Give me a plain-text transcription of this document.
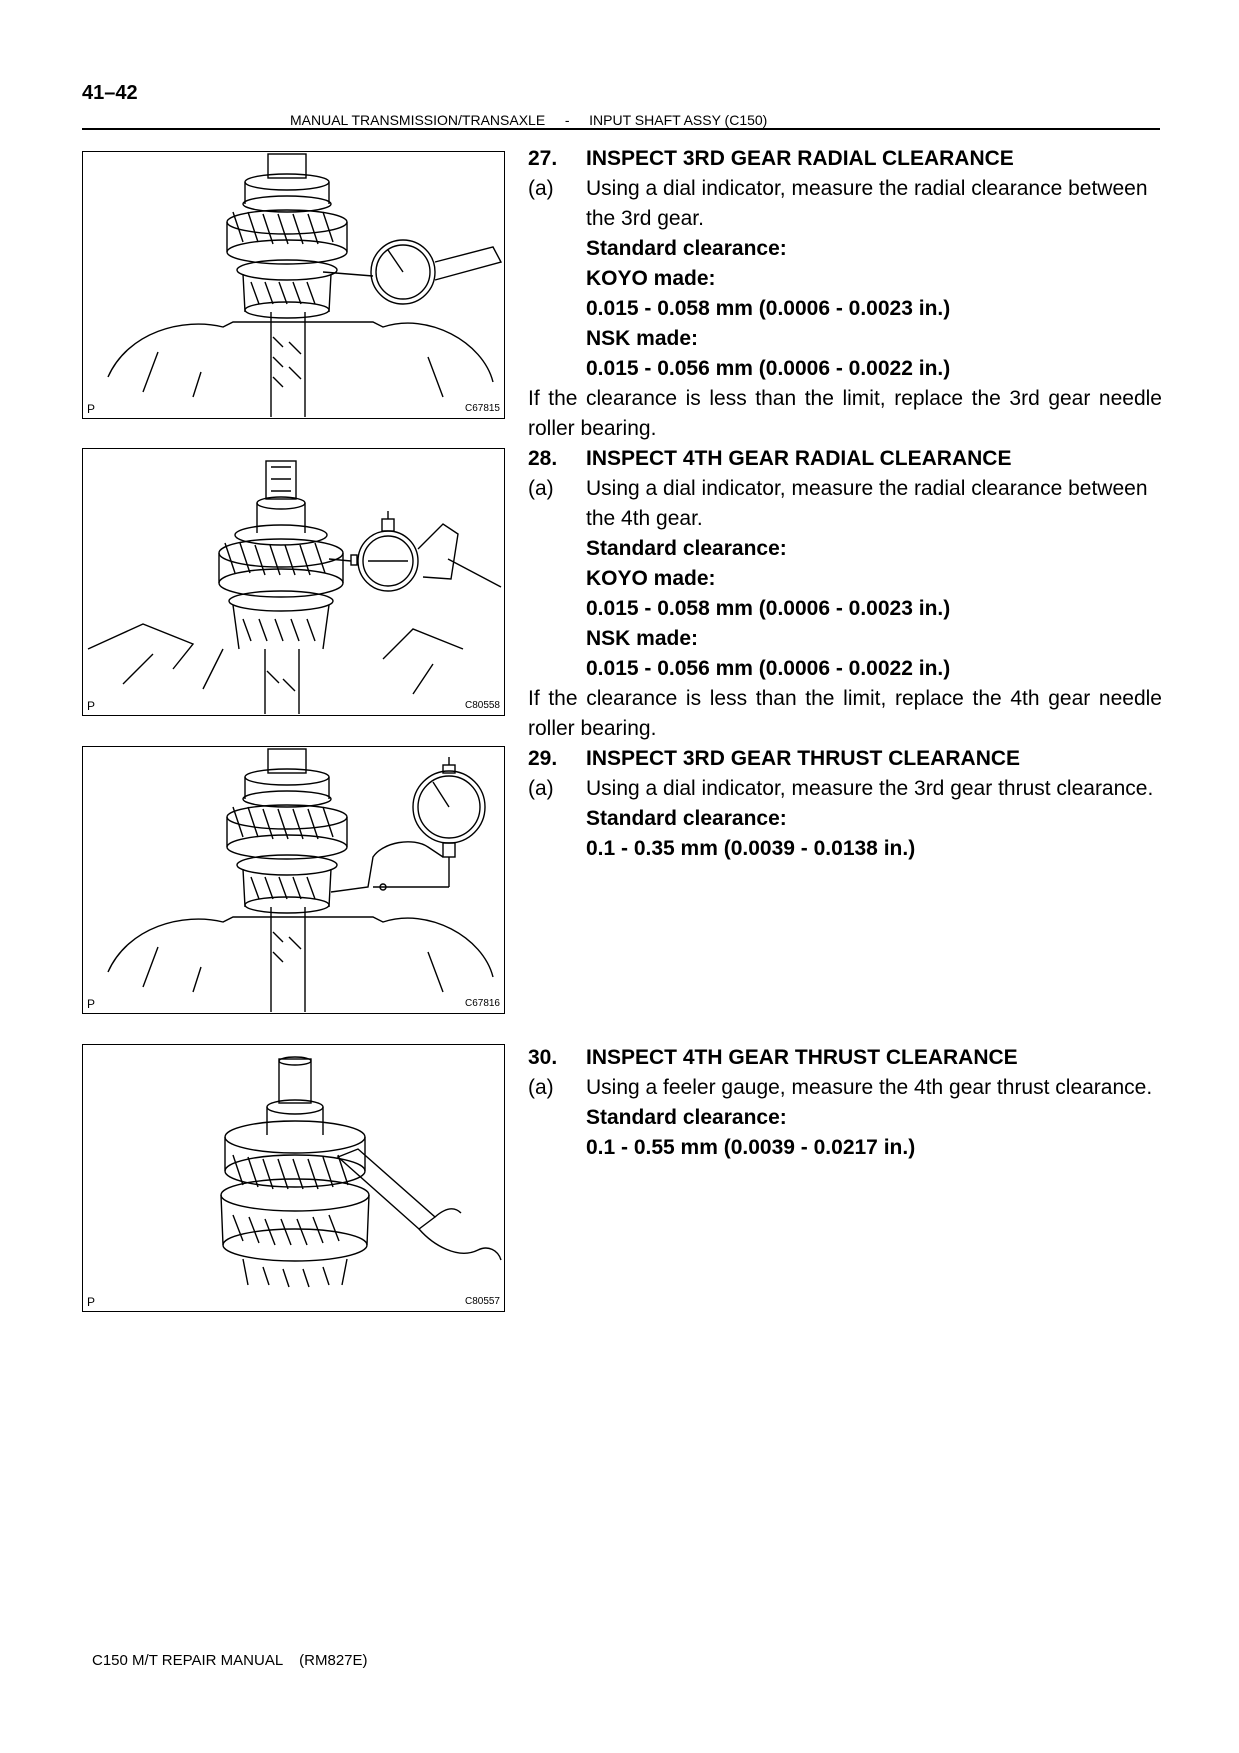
41–42
MANUAL TRANSMISSION/TRANSAXLE - INPUT SHAFT ASSY (C150)
P	C67815
P	C80558
P	C67816
P	C80557
27.	INSPECT 3RD GEAR RADIAL CLEARANCE
(a)	Using a dial indicator, measure the radial clearance between the 3rd gear.
Standard clearance:
KOYO made:
0.015 - 0.058 mm (0.0006 - 0.0023 in.)
NSK made:
0.015 - 0.056 mm (0.0006 - 0.0022 in.)
If the clearance is less than the limit, replace the 3rd gear needle roller bearing.
28.	INSPECT 4TH GEAR RADIAL CLEARANCE
(a)	Using a dial indicator, measure the radial clearance between the 4th gear.
Standard clearance:
KOYO made:
0.015 - 0.058 mm (0.0006 - 0.0023 in.)
NSK made:
0.015 - 0.056 mm (0.0006 - 0.0022 in.)
If the clearance is less than the limit, replace the 4th gear needle roller bearing.
29.	INSPECT 3RD GEAR THRUST CLEARANCE
(a)	Using a dial indicator, measure the 3rd gear thrust clearance.
Standard clearance:
0.1 - 0.35 mm (0.0039 - 0.0138 in.)
30.	INSPECT 4TH GEAR THRUST CLEARANCE
(a)	Using a feeler gauge, measure the 4th gear thrust clearance.
Standard clearance:
0.1 - 0.55 mm (0.0039 - 0.0217 in.)
C150 M/T REPAIR MANUAL (RM827E)
